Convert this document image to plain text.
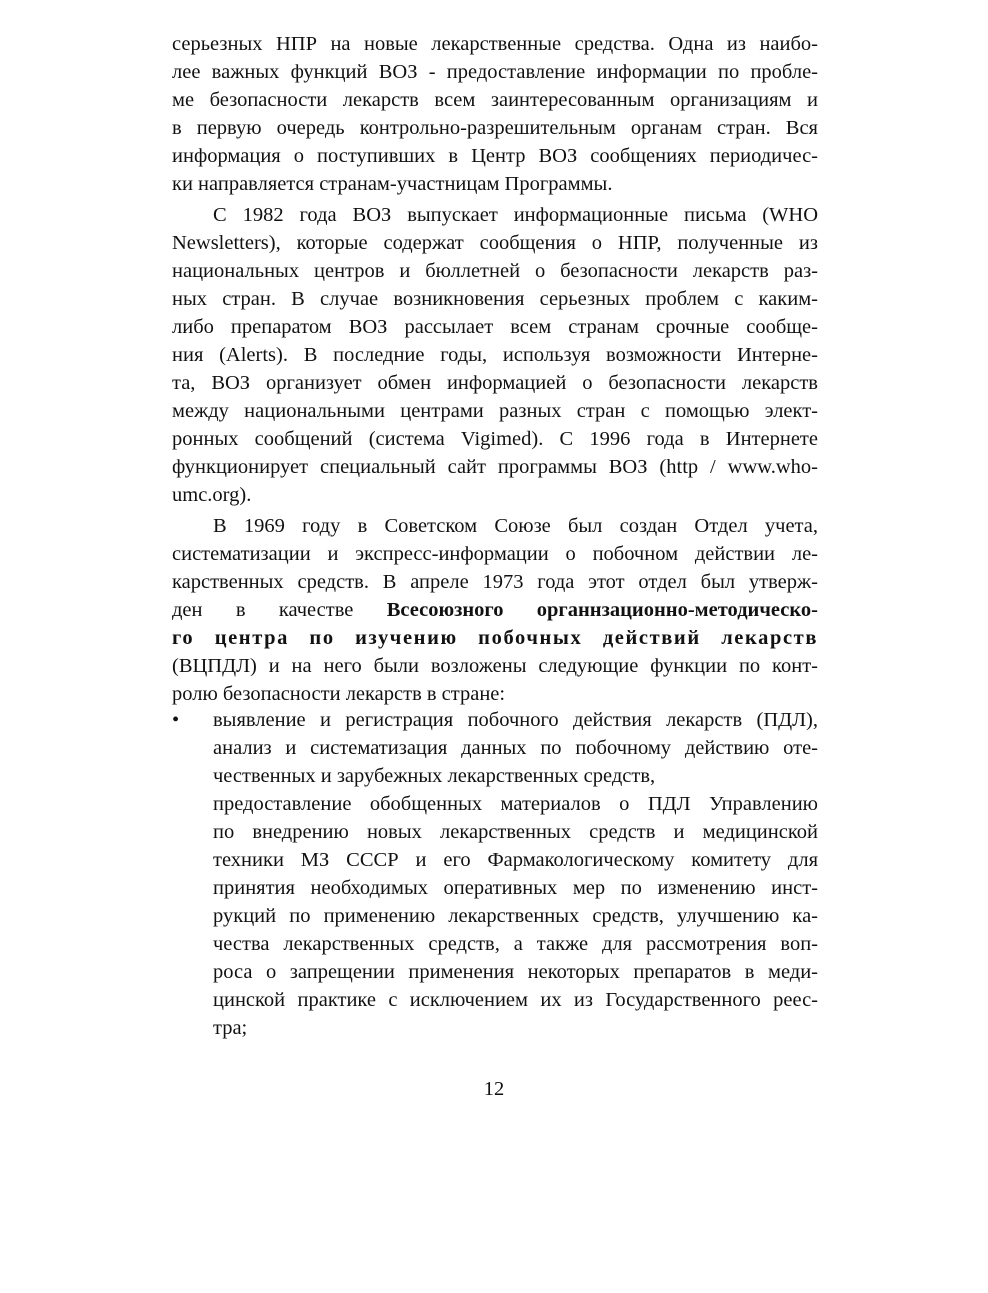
серьезных НПР на новые лекарственные средства. Одна из наибо-
лее важных функций ВОЗ - предоставление информации по пробле-
ме безопасности лекарств всем заинтересованным организациям и
в первую очередь контрольно-разрешительным органам стран. Вся
информация о поступивших в Центр ВОЗ сообщениях периодичес-
ки направляется странам-участницам Программы.
С 1982 года ВОЗ выпускает информационные письма (WHO
Newsletters), которые содержат сообщения о НПР, полученные из
национальных центров и бюллетней о безопасности лекарств раз-
ных стран. В случае возникновения серьезных проблем с каким-
либо препаратом ВОЗ рассылает всем странам срочные сообще-
ния (Alerts). В последние годы, используя возможности Интерне-
та, ВОЗ организует обмен информацией о безопасности лекарств
между национальными центрами разных стран с помощью элект-
ронных сообщений (система Vigimed). С 1996 года в Интернете
функционирует специальный сайт программы ВОЗ (http / www.who-
umc.org).
В 1969 году в Советском Союзе был создан Отдел учета,
систематизации и экспресс-информации о побочном действии ле-
карственных средств. В апреле 1973 года этот отдел был утверж-
ден в качестве Всесоюзного органнзационно-методическо-
го центра по изучению побочных действий лекарств
(ВЦПДЛ) и на него были возложены следующие функции по конт-
ролю безопасности лекарств в стране:
•	выявление и регистрация побочного действия лекарств (ПДЛ),
анализ и систематизация данных по побочному действию оте-
чественных и зарубежных лекарственных средств,
предоставление обобщенных материалов о ПДЛ Управлению
по внедрению новых лекарственных средств и медицинской
техники МЗ СССР и его Фармакологическому комитету для
принятия необходимых оперативных мер по изменению инст-
рукций по применению лекарственных средств, улучшению ка-
чества лекарственных средств, а также для рассмотрения воп-
роса о запрещении применения некоторых препаратов в меди-
цинской практике с исключением их из Государственного реес-
тра;
12
